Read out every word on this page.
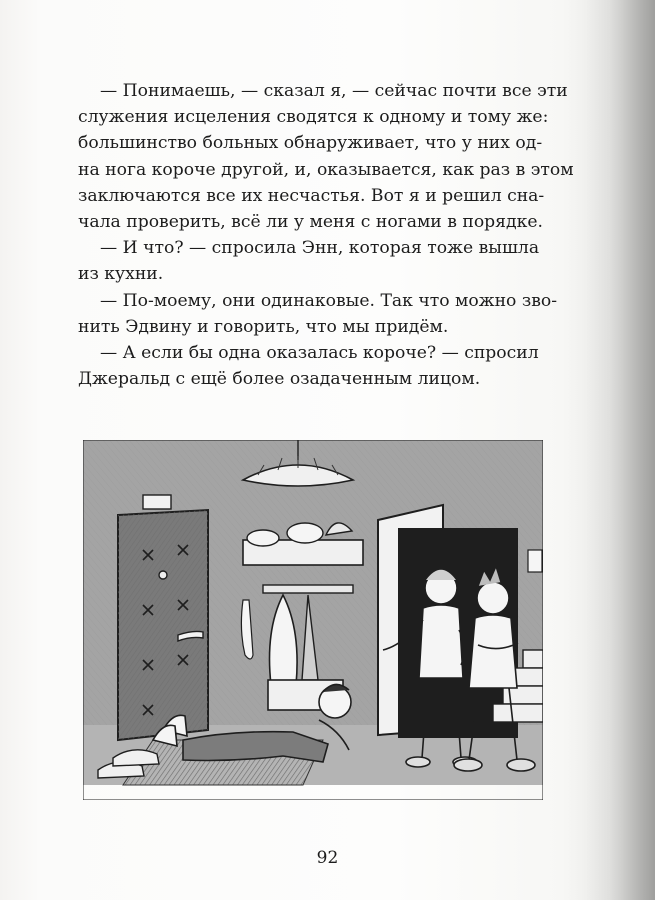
— Понимаешь, — сказал я, — сейчас почти все эти
служения исцеления сводятся к одному и тому же:
большинство больных обнаруживает, что у них од-
на нога короче другой, и, оказывается, как раз в этом
заключаются все их несчастья. Вот я и решил сна-
чала проверить, всё ли у меня с ногами в порядке.
— И что? — спросила Энн, которая тоже вышла
из кухни.
— По-моему, они одинаковые. Так что можно зво-
нить Эдвину и говорить, что мы придём.
— А если бы одна оказалась короче? — спросил
Джеральд с ещё более озадаченным лицом.
92
